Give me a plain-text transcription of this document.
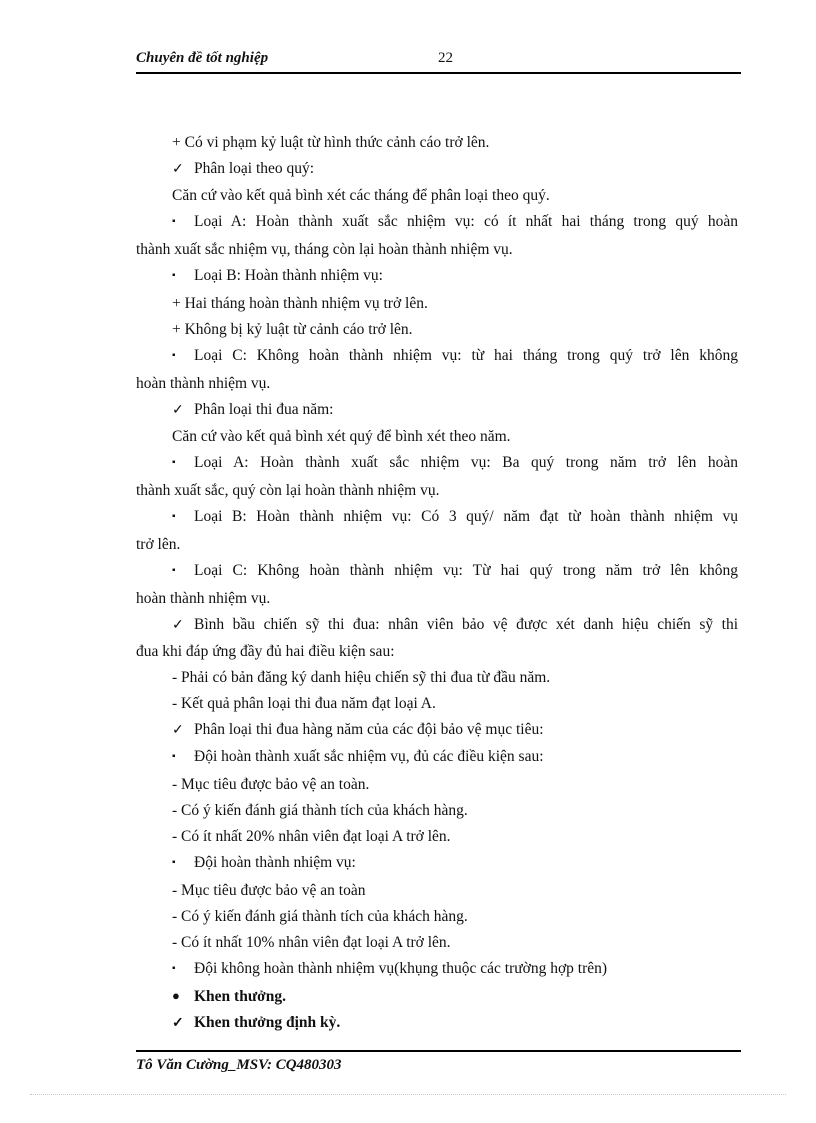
Chuyên đề tốt nghiệp	22
+ Có vi phạm kỷ luật từ hình thức cảnh cáo trở lên.
✓ Phân loại theo quý:
Căn cứ vào kết quả bình xét các tháng để phân loại theo quý.
▪ Loại A: Hoàn thành xuất sắc nhiệm vụ: có ít nhất hai tháng trong quý hoàn
thành xuất sắc nhiệm vụ, tháng còn lại hoàn thành nhiệm vụ.
▪ Loại B: Hoàn thành nhiệm vụ:
+ Hai tháng hoàn thành nhiệm vụ trở lên.
+ Không bị kỷ luật từ cảnh cáo trở lên.
▪ Loại C: Không hoàn thành nhiệm vụ: từ hai tháng trong quý trở lên không
hoàn thành nhiệm vụ.
✓ Phân loại thi đua năm:
Căn cứ vào kết quả bình xét quý để bình xét theo năm.
▪ Loại A: Hoàn thành xuất sắc nhiệm vụ: Ba quý trong năm trở lên hoàn
thành xuất sắc, quý còn lại hoàn thành nhiệm vụ.
▪ Loại B: Hoàn thành nhiệm vụ: Có 3 quý/ năm đạt từ hoàn thành nhiệm vụ
trở lên.
▪ Loại C: Không hoàn thành nhiệm vụ: Từ hai quý trong năm trở lên không
hoàn thành nhiệm vụ.
✓ Bình bầu chiến sỹ thi đua: nhân viên bảo vệ được xét danh hiệu chiến sỹ thi
đua khi đáp ứng đầy đủ hai điều kiện sau:
- Phải có bản đăng ký danh hiệu chiến sỹ thi đua từ đầu năm.
- Kết quả phân loại thi đua năm đạt loại A.
✓ Phân loại thi đua hàng năm của các đội bảo vệ mục tiêu:
▪ Đội hoàn thành xuất sắc nhiệm vụ, đủ các điều kiện sau:
- Mục tiêu được bảo vệ an toàn.
- Có ý kiến đánh giá thành tích của khách hàng.
- Có ít nhất 20% nhân viên đạt loại A trở lên.
▪ Đội hoàn thành nhiệm vụ:
- Mục tiêu được bảo vệ an toàn
- Có ý kiến đánh giá thành tích của khách hàng.
- Có ít nhất 10% nhân viên đạt loại A trở lên.
▪ Đội không hoàn thành nhiệm vụ(khụng thuộc các trường hợp trên)
● Khen thưởng.
✓ Khen thưởng định kỳ.
Tô Văn Cường_MSV: CQ480303
